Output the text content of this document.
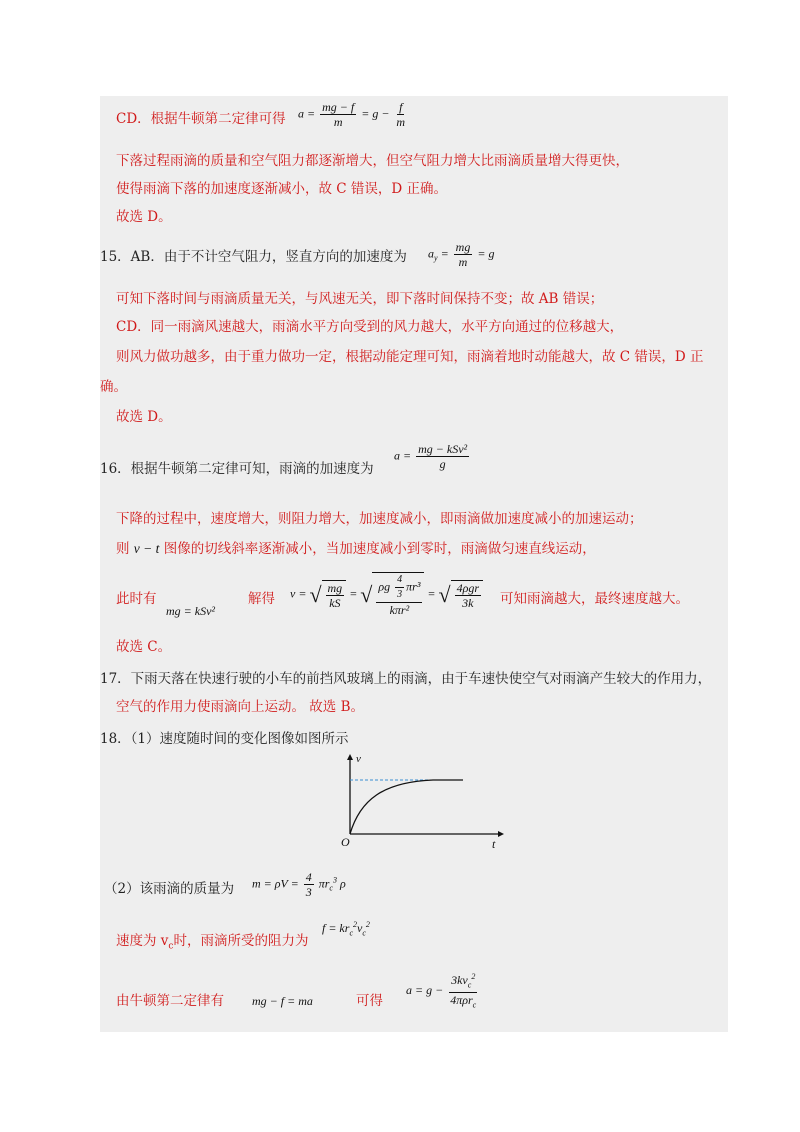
CD．根据牛顿第二定律可得 $a = \frac{mg - f}{m} = g - \frac{f}{m}$
下落过程雨滴的质量和空气阻力都逐渐增大，但空气阻力增大比雨滴质量增大得更快，
使得雨滴下落的加速度逐渐减小，故 C 错误，D 正确。
故选 D。
15．AB．由于不计空气阻力，竖直方向的加速度为 $a_y = \frac{mg}{m} = g$
可知下落时间与雨滴质量无关，与风速无关，即下落时间保持不变；故 AB 错误；
CD．同一雨滴风速越大，雨滴水平方向受到的风力越大，水平方向通过的位移越大，
则风力做功越多，由于重力做功一定，根据动能定理可知，雨滴着地时动能越大，故 C 错误，D 正
确。
故选 D。
16．根据牛顿第二定律可知，雨滴的加速度为
$a = \frac{\text{mg − kSv²}}{g}$
下降的过程中，速度增大，则阻力增大，加速度减小，即雨滴做加速度减小的加速运动；
则 v − t 图像的切线斜率逐渐减小，当加速度减小到零时，雨滴做匀速直线运动，
此时有
mg = kSv²
解得 v = √ $\frac{mg}{kS}$ = √ $\frac{\rho g \frac{4}{3} \pi r^3}{\text{kπr²}}$ = √ $\frac{\text{4ρgr}}{3k}$ 可知雨滴越大，最终速度越大。
故选 C。
17．下雨天落在快速行驶的小车的前挡风玻璃上的雨滴，由于车速快使空气对雨滴产生较大的作用力，
空气的作用力使雨滴向上运动。 故选 B。
18．（1）速度随时间的变化图像如图所示
v
t
O
（2）该雨滴的质量为 $m = \rho V = \frac{4}{3} \pi r_c^3$ ρ
速度为 $v_c$时，雨滴所受的阻力为
$f = kr_c^2v_c^2$
由牛顿第二定律有 mg − f = ma	可得
$a = g - \frac{3kv_c^2}{4\pi\rho r_c}$
